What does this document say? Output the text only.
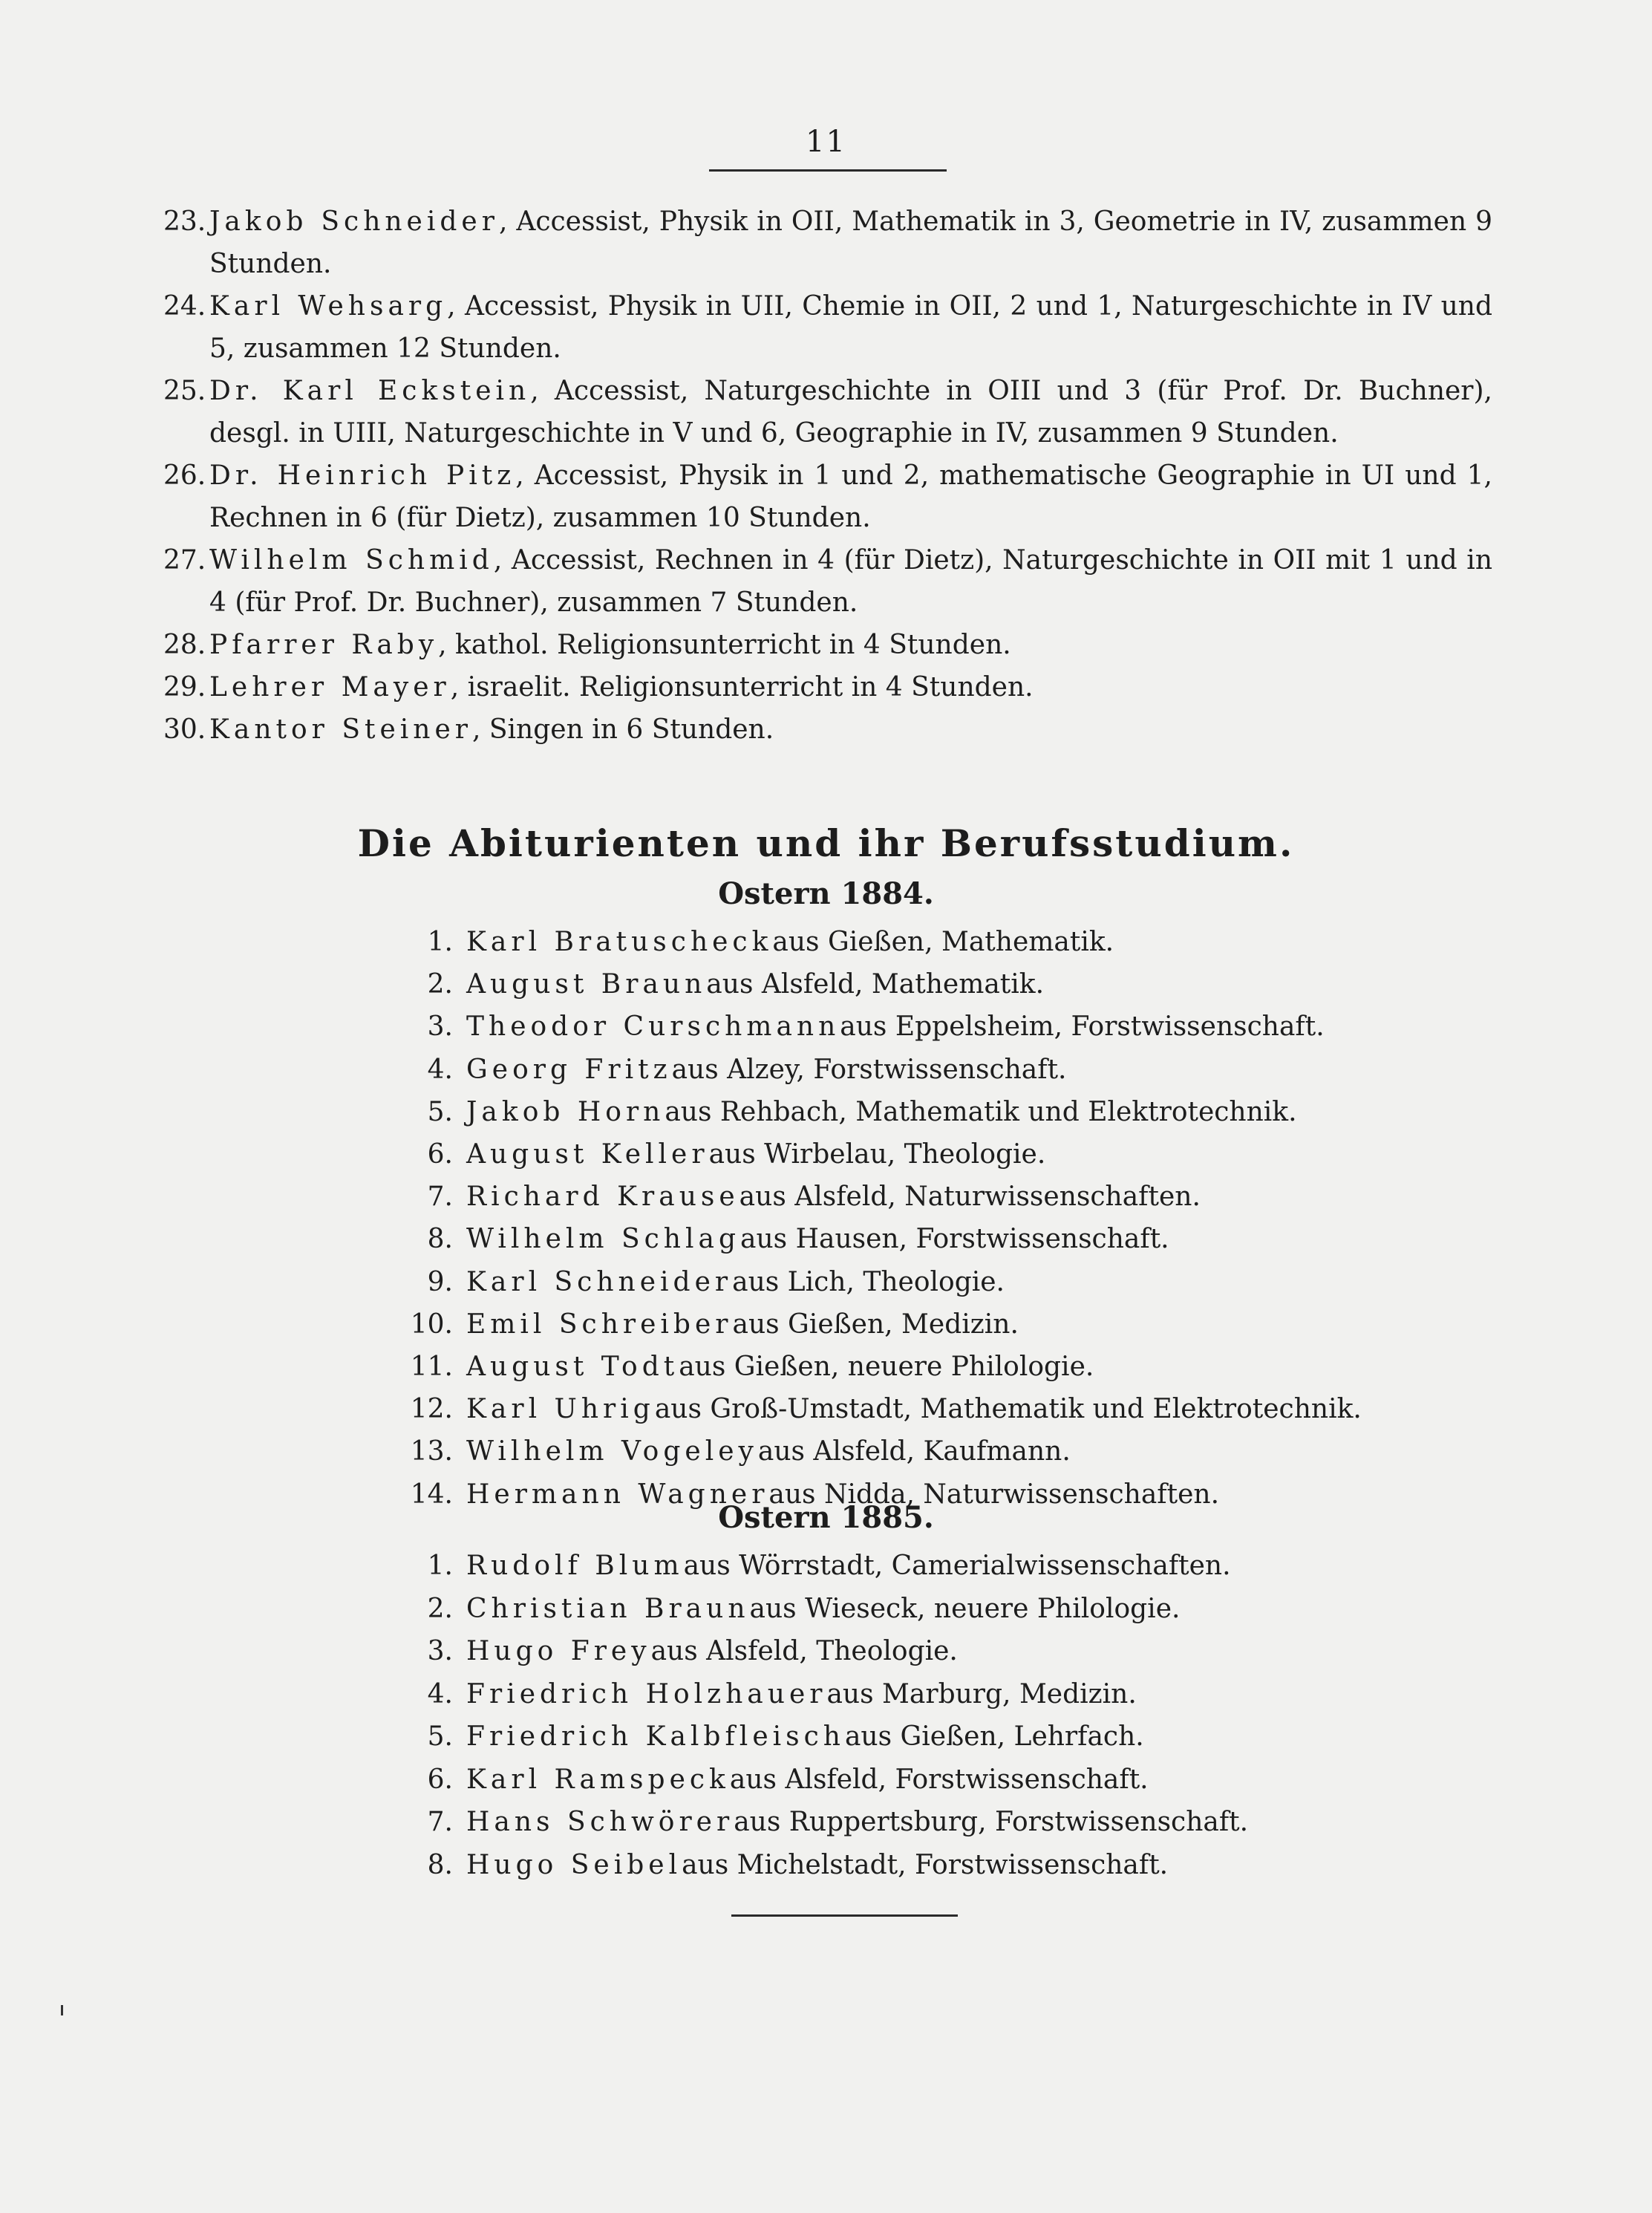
11
23. Jakob Schneider, Accessist, Physik in OII, Mathematik in 3, Geometrie in IV, zusammen 9 Stunden.
24. Karl Wehsarg, Accessist, Physik in UII, Chemie in OII, 2 und 1, Naturgeschichte in IV und 5, zusammen 12 Stunden.
25. Dr. Karl Eckstein, Accessist, Naturgeschichte in OIII und 3 (für Prof. Dr. Buchner), desgl. in UIII, Naturgeschichte in V und 6, Geographie in IV, zusammen 9 Stunden.
26. Dr. Heinrich Pitz, Accessist, Physik in 1 und 2, mathematische Geographie in UI und 1, Rechnen in 6 (für Dietz), zusammen 10 Stunden.
27. Wilhelm Schmid, Accessist, Rechnen in 4 (für Dietz), Naturgeschichte in OII mit 1 und in 4 (für Prof. Dr. Buchner), zusammen 7 Stunden.
28. Pfarrer Raby, kathol. Religionsunterricht in 4 Stunden.
29. Lehrer Mayer, israelit. Religionsunterricht in 4 Stunden.
30. Kantor Steiner, Singen in 6 Stunden.
Die Abiturienten und ihr Berufsstudium.
Ostern 1884.
1. Karl Bratuscheck aus Gießen, Mathematik.
2. August Braun aus Alsfeld, Mathematik.
3. Theodor Curschmann aus Eppelsheim, Forstwissenschaft.
4. Georg Fritz aus Alzey, Forstwissenschaft.
5. Jakob Horn aus Rehbach, Mathematik und Elektrotechnik.
6. August Keller aus Wirbelau, Theologie.
7. Richard Krause aus Alsfeld, Naturwissenschaften.
8. Wilhelm Schlag aus Hausen, Forstwissenschaft.
9. Karl Schneider aus Lich, Theologie.
10. Emil Schreiber aus Gießen, Medizin.
11. August Todt aus Gießen, neuere Philologie.
12. Karl Uhrig aus Groß-Umstadt, Mathematik und Elektrotechnik.
13. Wilhelm Vogeley aus Alsfeld, Kaufmann.
14. Hermann Wagner aus Nidda, Naturwissenschaften.
Ostern 1885.
1. Rudolf Blum aus Wörrstadt, Camerialwissenschaften.
2. Christian Braun aus Wieseck, neuere Philologie.
3. Hugo Frey aus Alsfeld, Theologie.
4. Friedrich Holzhauer aus Marburg, Medizin.
5. Friedrich Kalbfleisch aus Gießen, Lehrfach.
6. Karl Ramspeck aus Alsfeld, Forstwissenschaft.
7. Hans Schwörer aus Ruppertsburg, Forstwissenschaft.
8. Hugo Seibel aus Michelstadt, Forstwissenschaft.
